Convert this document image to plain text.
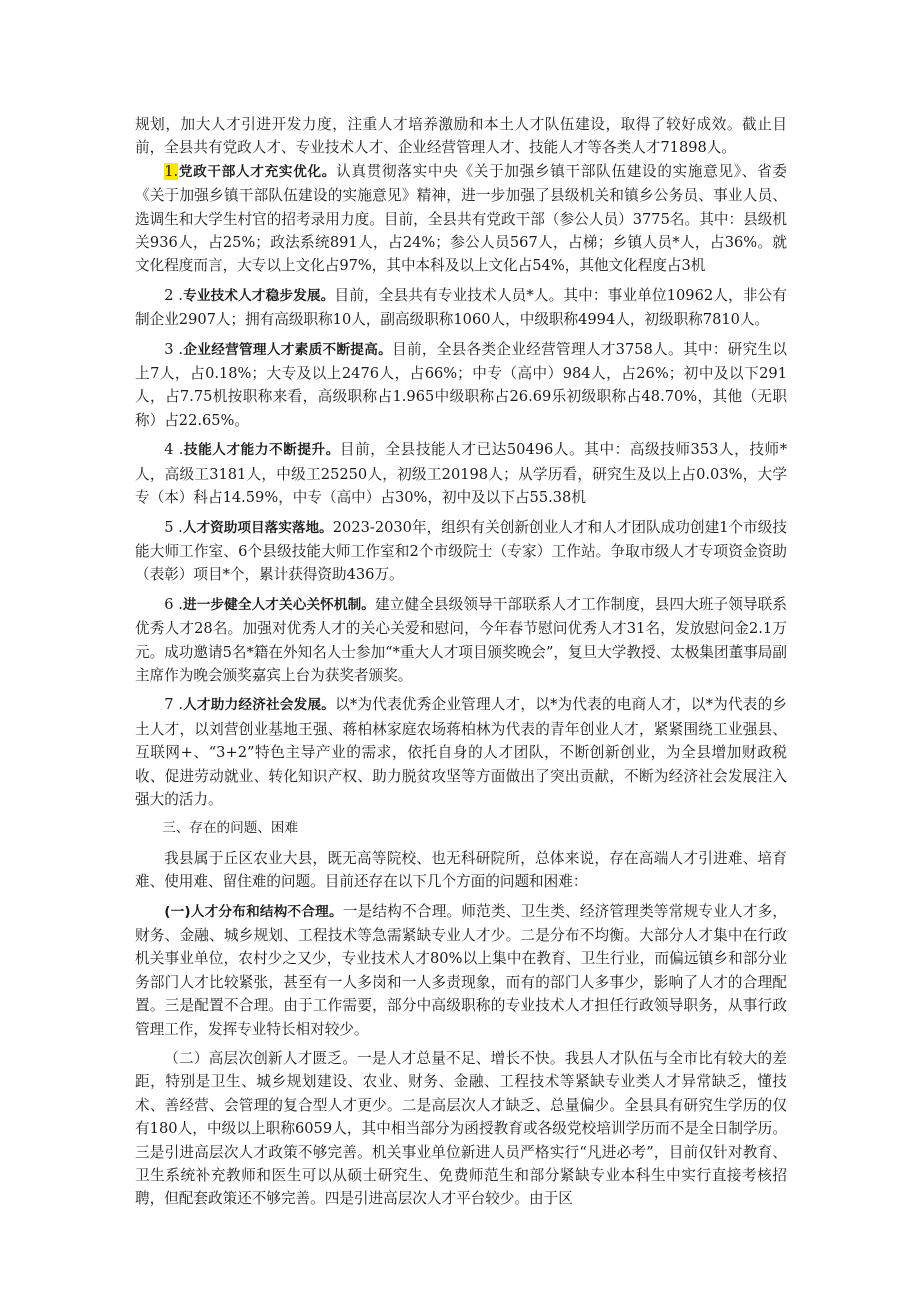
规划，加大人才引进开发力度，注重人才培养激励和本土人才队伍建设，取得了较好成效。截止目前，全县共有党政人才、专业技术人才、企业经营管理人才、技能人才等各类人才71898人。

1.党政干部人才充实优化。认真贯彻落实中央《关于加强乡镇干部队伍建设的实施意见》、省委《关于加强乡镇干部队伍建设的实施意见》精神，进一步加强了县级机关和镇乡公务员、事业人员、选调生和大学生村官的招考录用力度。目前，全县共有党政干部（参公人员）3775名。其中：县级机关936人，占25%；政法系统891人，占24%；参公人员567人，占梯；乡镇人员*人，占36%。就文化程度而言，大专以上文化占97%，其中本科及以上文化占54%，其他文化程度占3机

2 .专业技术人才稳步发展。目前，全县共有专业技术人员*人。其中：事业单位10962人，非公有制企业2907人；拥有高级职称10人，副高级职称1060人，中级职称4994人，初级职称7810人。

3 .企业经营管理人才素质不断提高。目前，全县各类企业经营管理人才3758人。其中：研究生以上7人，占0.18%；大专及以上2476人，占66%；中专（高中）984人，占26%；初中及以下291人，占7.75机按职称来看，高级职称占1.965中级职称占26.69乐初级职称占48.70%，其他（无职称）占22.65%。

4 .技能人才能力不断提升。目前，全县技能人才已达50496人。其中：高级技师353人，技师*人，高级工3181人，中级工25250人，初级工20198人；从学历看，研究生及以上占0.03%，大学专（本）科占14.59%，中专（高中）占30%，初中及以下占55.38机

5 .人才资助项目落实落地。2023-2030年，组织有关创新创业人才和人才团队成功创建1个市级技能大师工作室、6个县级技能大师工作室和2个市级院士（专家）工作站。争取市级人才专项资金资助（表彰）项目*个，累计获得资助436万。

6 .进一步健全人才关心关怀机制。建立健全县级领导干部联系人才工作制度，县四大班子领导联系优秀人才28名。加强对优秀人才的关心关爱和慰问，今年春节慰问优秀人才31名，发放慰问金2.1万元。成功邀请5名*籍在外知名人士参加“*重大人才项目颁奖晚会”，复旦大学教授、太极集团董事局副主席作为晚会颁奖嘉宾上台为获奖者颁奖。

7 .人才助力经济社会发展。以*为代表优秀企业管理人才，以*为代表的电商人才，以*为代表的乡土人才，以刘营创业基地王强、蒋柏林家庭农场蒋柏林为代表的青年创业人才，紧紧围绕工业强县、互联网+、“3+2”特色主导产业的需求，依托自身的人才团队，不断创新创业，为全县增加财政税收、促进劳动就业、转化知识产权、助力脱贫攻坚等方面做出了突出贡献，不断为经济社会发展注入强大的活力。

三、存在的问题、困难

我县属于丘区农业大县，既无高等院校、也无科研院所，总体来说，存在高端人才引进难、培育难、使用难、留住难的问题。目前还存在以下几个方面的问题和困难：

(一)人才分布和结构不合理。一是结构不合理。师范类、卫生类、经济管理类等常规专业人才多，财务、金融、城乡规划、工程技术等急需紧缺专业人才少。二是分布不均衡。大部分人才集中在行政机关事业单位，农村少之又少，专业技术人才80%以上集中在教育、卫生行业，而偏远镇乡和部分业务部门人才比较紧张，甚至有一人多岗和一人多责现象，而有的部门人多事少，影响了人才的合理配置。三是配置不合理。由于工作需要，部分中高级职称的专业技术人才担任行政领导职务，从事行政管理工作，发挥专业特长相对较少。

（二）高层次创新人才匮乏。一是人才总量不足、增长不快。我县人才队伍与全市比有较大的差距，特别是卫生、城乡规划建设、农业、财务、金融、工程技术等紧缺专业类人才异常缺乏，懂技术、善经营、会管理的复合型人才更少。二是高层次人才缺乏、总量偏少。全县具有研究生学历的仅有180人，中级以上职称6059人，其中相当部分为函授教育或各级党校培训学历而不是全日制学历。三是引进高层次人才政策不够完善。机关事业单位新进人员严格实行“凡进必考”，目前仅针对教育、卫生系统补充教师和医生可以从硕士研究生、免费师范生和部分紧缺专业本科生中实行直接考核招聘，但配套政策还不够完善。四是引进高层次人才平台较少。由于区
